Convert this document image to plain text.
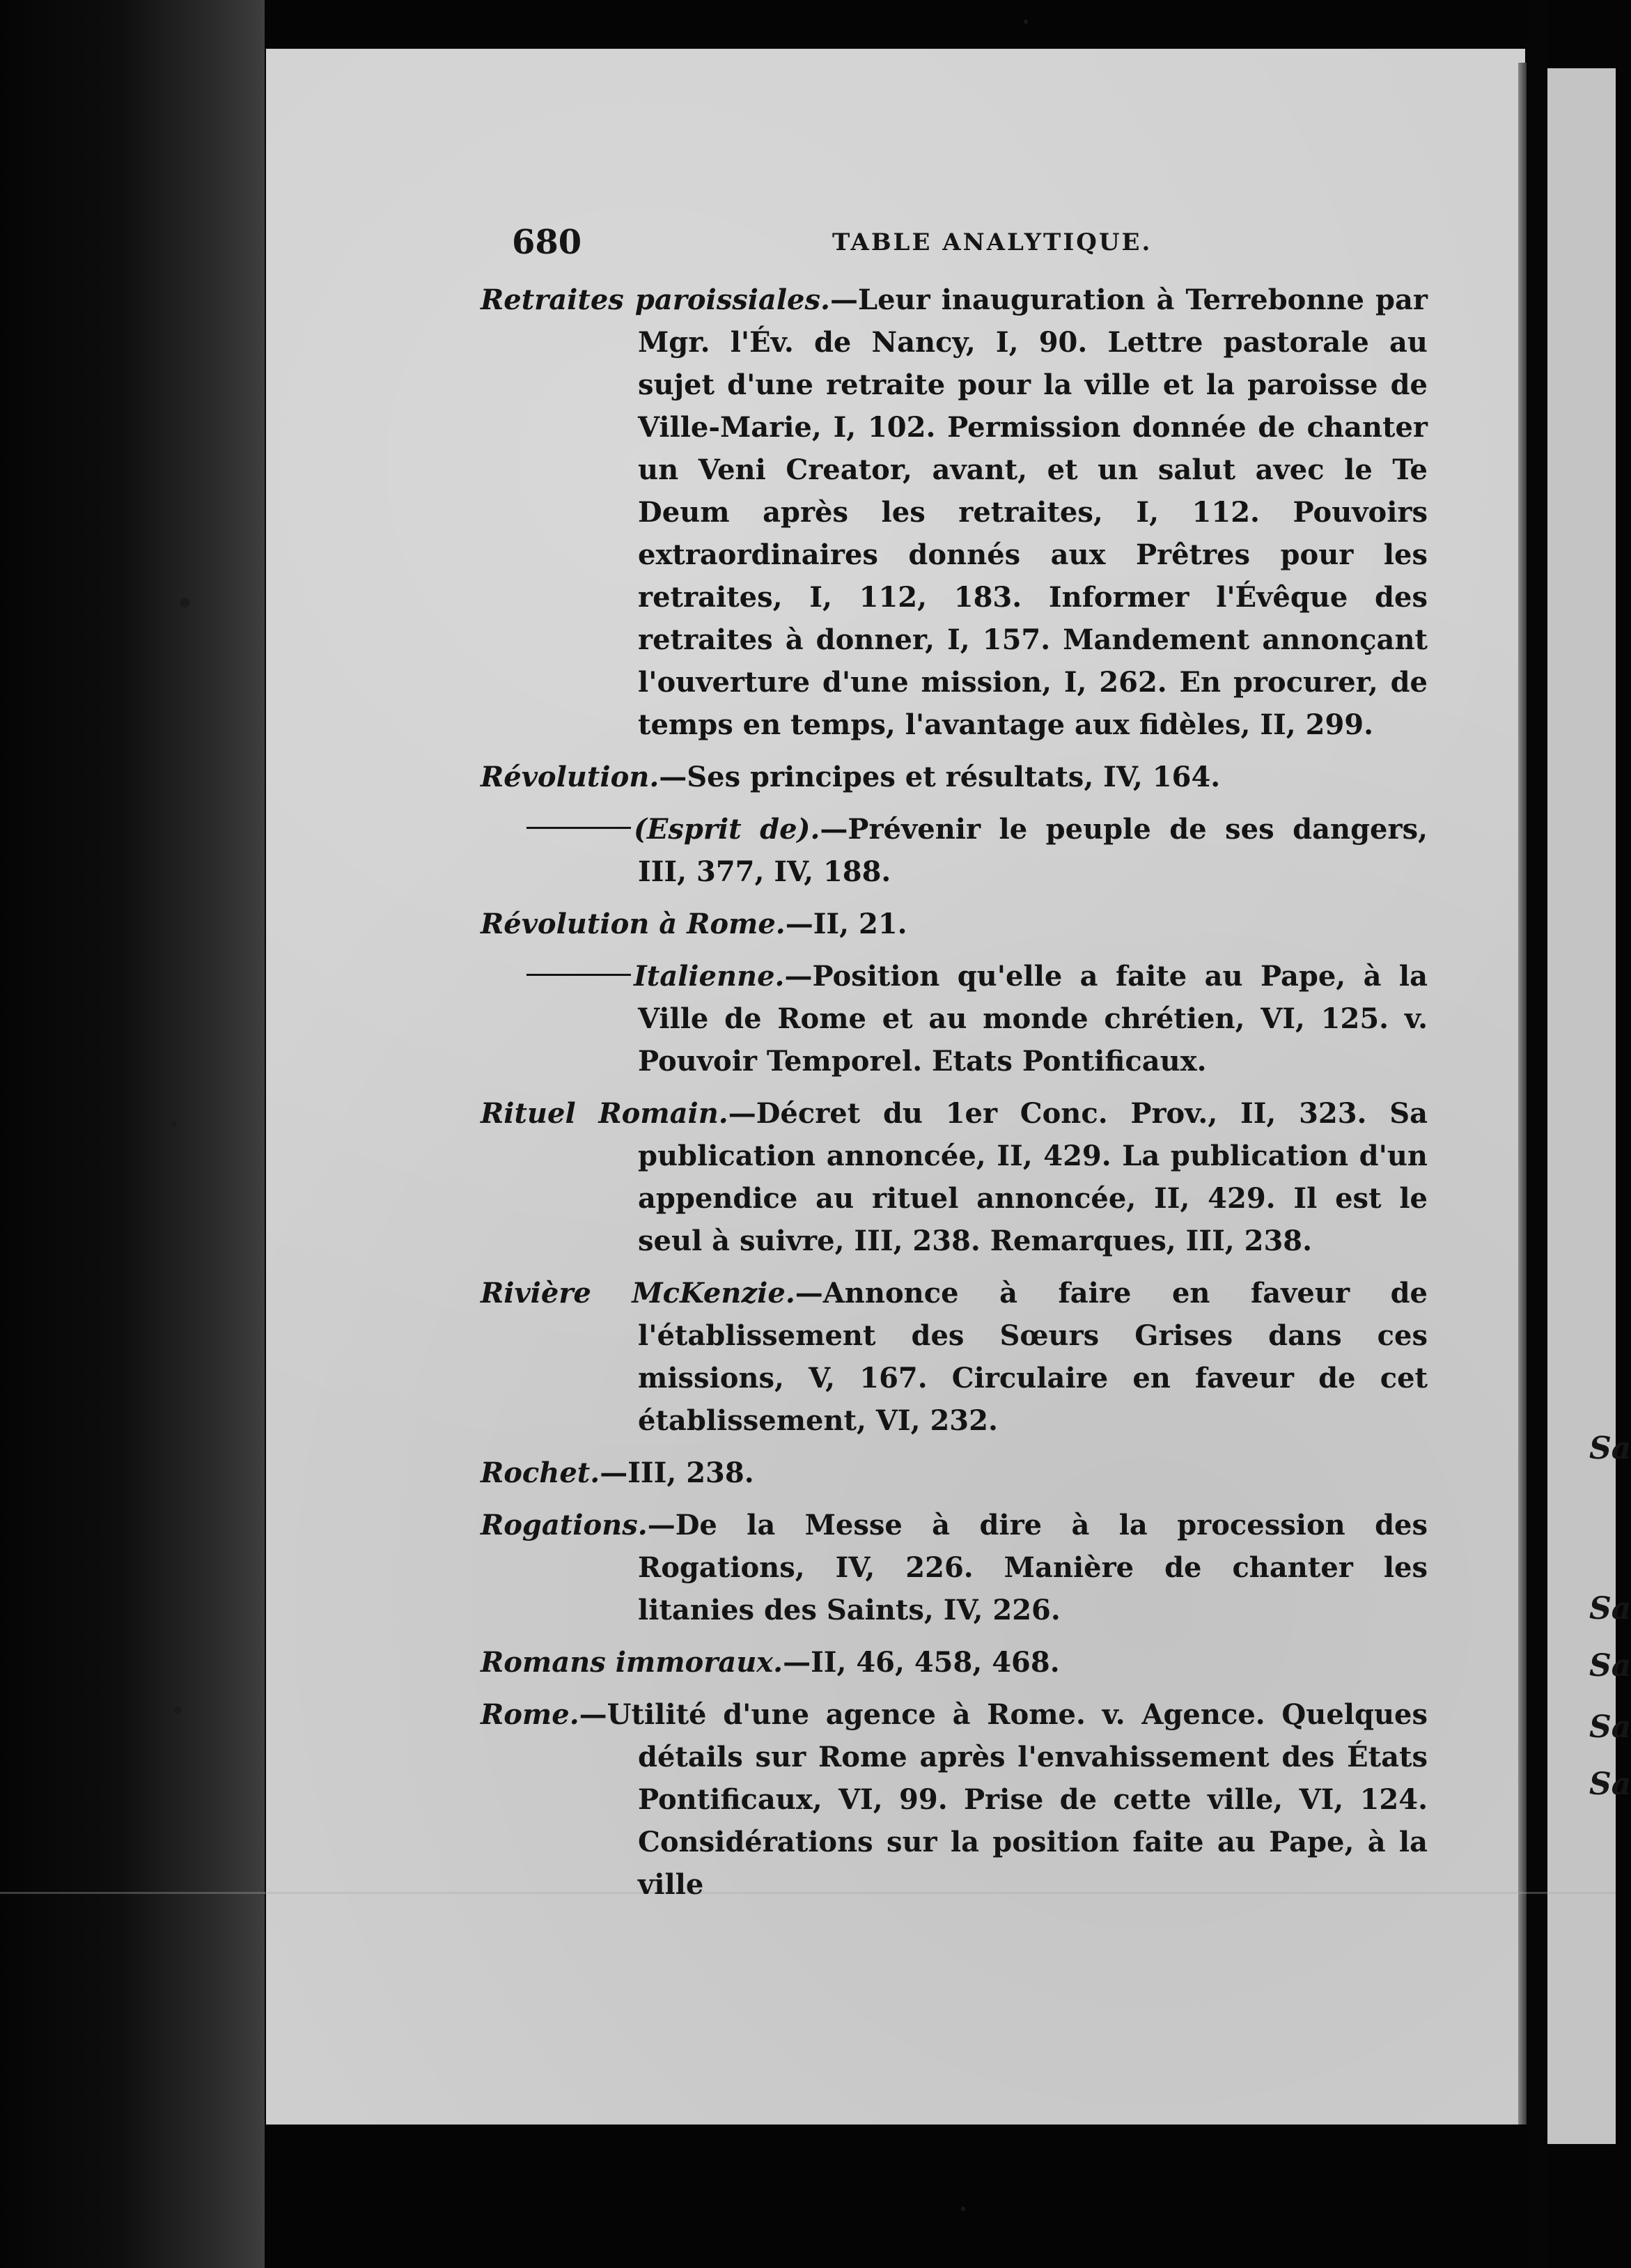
Sa
Sa
Sa
Sa
Sa
680	TABLE ANALYTIQUE.

Retraites paroissiales.—Leur inauguration à Terrebonne par Mgr. l'Év. de Nancy, I, 90. Lettre pastorale au sujet d'une retraite pour la ville et la paroisse de Ville-Marie, I, 102. Permission donnée de chanter un Veni Creator, avant, et un salut avec le Te Deum après les retraites, I, 112. Pouvoirs extraordinaires donnés aux Prêtres pour les retraites, I, 112, 183. Informer l'Évêque des retraites à donner, I, 157. Mandement annonçant l'ouverture d'une mission, I, 262. En procurer, de temps en temps, l'avantage aux fidèles, II, 299.

Révolution.—Ses principes et résultats, IV, 164.

(Esprit de).—Prévenir le peuple de ses dangers, III, 377, IV, 188.

Révolution à Rome.—II, 21.

Italienne.—Position qu'elle a faite au Pape, à la Ville de Rome et au monde chrétien, VI, 125. v. Pouvoir Temporel. Etats Pontificaux.

Rituel Romain.—Décret du 1er Conc. Prov., II, 323. Sa publication annoncée, II, 429. La publication d'un appendice au rituel annoncée, II, 429. Il est le seul à suivre, III, 238. Remarques, III, 238.

Rivière McKenzie.—Annonce à faire en faveur de l'établissement des Sœurs Grises dans ces missions, V, 167. Circulaire en faveur de cet établissement, VI, 232.

Rochet.—III, 238.

Rogations.—De la Messe à dire à la procession des Rogations, IV, 226. Manière de chanter les litanies des Saints, IV, 226.

Romans immoraux.—II, 46, 458, 468.

Rome.—Utilité d'une agence à Rome. v. Agence. Quelques détails sur Rome après l'envahissement des États Pontificaux, VI, 99. Prise de cette ville, VI, 124. Considérations sur la position faite au Pape, à la ville
